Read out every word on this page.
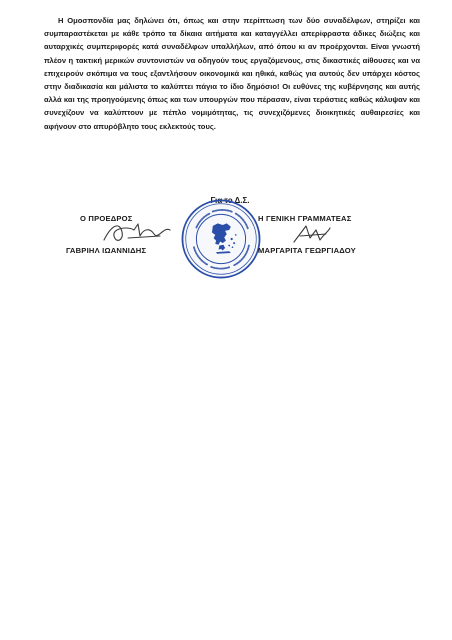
Η Ομοσπονδία μας δηλώνει ότι, όπως και στην περίπτωση των δύο συναδέλφων, στηρίζει και συμπαραστέκεται με κάθε τρόπο τα δίκαια αιτήματα και καταγγέλλει απερίφραστα άδικες διώξεις και αυταρχικές συμπεριφορές κατά συναδέλφων υπαλλήλων, από όπου κι αν προέρχονται. Είναι γνωστή πλέον η τακτική μερικών συντονιστών να οδηγούν τους εργαζόμενους, στις δικαστικές αίθουσες και να επιχειρούν σκόπιμα να τους εξαντλήσουν οικονομικά και ηθικά, καθώς για αυτούς δεν υπάρχει κόστος στην διαδικασία και μάλιστα το καλύπτει πάγια το ίδιο δημόσιο! Οι ευθύνες της κυβέρνησης και αυτής αλλά και της προηγούμενης όπως και των υπουργών που πέρασαν, είναι τεράστιες καθώς κάλυψαν και συνεχίζουν να καλύπτουν με πέπλο νομιμότητας, τις συνεχιζόμενες διοικητικές αυθαιρεσίες και αφήνουν στο απυρόβλητο τους εκλεκτούς τους.

Για το Δ.Σ.
Ο ΠΡΟΕΔΡΟΣ	Η ΓΕΝΙΚΗ ΓΡΑΜΜΑΤΕΑΣ
ΓΑΒΡΙΗΛ ΙΩΑΝΝΙΔΗΣ	ΜΑΡΓΑΡΙΤΑ ΓΕΩΡΓΙΑΔΟΥ
